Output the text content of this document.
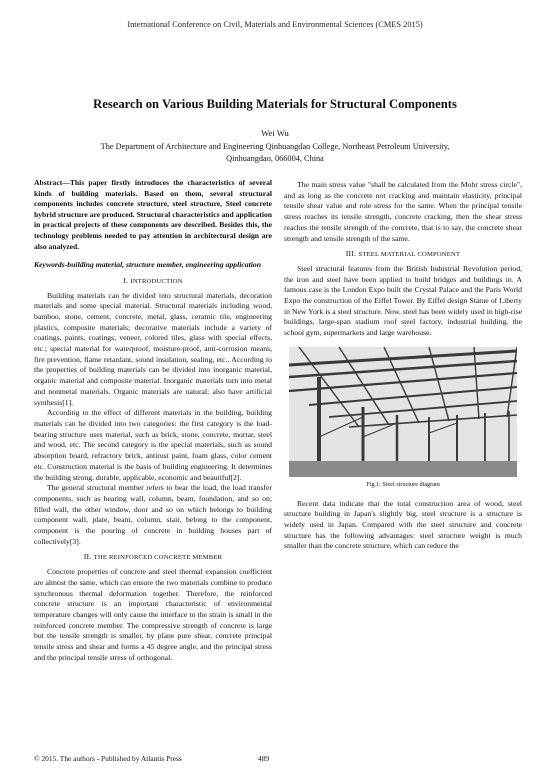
International Conference on Civil, Materials and Environmental Sciences (CMES 2015)
Research on Various Building Materials for Structural Components
Wei Wu
The Department of Architecture and Engineering Qinhuangdao College, Northeast Petroleum University, Qinhuangdao, 066004, China

Abstract—This paper firstly introduces the characteristics of several kinds of building materials. Based on them, several structural components includes concrete structure, steel structure, Steel concrete hybrid structure are produced. Structural characteristics and application in practical projects of these components are described. Besides this, the technology problems needed to pay attention in architectural design are also analyzed.

Keywords-building material, structure member, engineering application

I. INTRODUCTION

Building materials can be divided into structural materials, decoration materials and some special material. Structural materials including wood, bamboo, stone, cement, concrete, metal, glass, ceramic tile, engineering plastics, composite materials; decorative materials include a variety of coatings, paints, coatings, veneer, colored tiles, glass with special effects, etc.; special material for waterproof, moisture-proof, anti-corrosion means, fire prevention, flame retardant, sound insulation, sealing, etc.. According to the properties of building materials can be divided into inorganic material, organic material and composite material. Inorganic materials turn into metal and nonmetal materials. Organic materials are natural; also have artificial synthesis[1].

According to the effect of different materials in the building, building materials can be divided into two categories: the first category is the load-bearing structure uses material, such as brick, stone, concrete, mortar, steel and wood, etc. The second category is the special materials, such as sound absorption board, refractory brick, antirust paint, foam glass, color cement etc. Construction material is the basis of building engineering. It determines the building strong, durable, applicable, economic and beautiful[2].

The general structural member refers to bear the load, the load transfer components, such as bearing wall, column, beam, foundation, and so on; filled wall, the other window, door and so on which belongs to building component wall, plate, beam, column, stair, belong to the component, component is the pouring of concrete in building houses part of collectively[3].

II. THE REINFORCED CONCRETE MEMBER

Concrete properties of concrete and steel thermal expansion coefficient are almost the same, which can ensure the two materials combine to produce synchronous thermal deformation together. Therefore, the reinforced concrete structure is an important characteristic of environmental temperature changes will only cause the interface to the strain is small in the reinforced concrete member. The compressive strength of concrete is large but the tensile strength is smaller, by plane pure shear, concrete principal tensile stress and shear and forms a 45 degree angle, and the principal stress and the principal tensile stress of orthogonal.

The main stress value "shall be calculated from the Mohr stress circle", and as long as the concrete not cracking and maintain elasticity, principal tensile shear value and role stress for the same. When the principal tensile stress reaches its tensile strength, concrete cracking, then the shear stress reaches the tensile strength of the concrete, that is to say, the concrete shear strength and tensile strength of the same.

III. STEEL MATERIAL COMPONENT

Steel structural features from the British Industrial Revolution period, the iron and steel have been applied to build bridges and buildings in. A famous case is the London Expo built the Crystal Palace and the Paris World Expo the construction of the Eiffel Tower. By Eiffel design Statue of Liberty in New York is a steel structure. Now, steel has been widely used in high-rise buildings, large-span stadium roof steel factory, industrial building, the school gym, supermarkets and large warehouse.

Fig.1: Steel structure diagram

Recent data indicate that the total construction area of wood, steel structure building in Japan's slightly big, steel structure is a structure is widely used in Japan. Compared with the steel structure and concrete structure has the following advantages: steel structure weight is much smaller than the concrete structure, which can reduce the

© 2015. The authors - Published by Atlantis Press	489
